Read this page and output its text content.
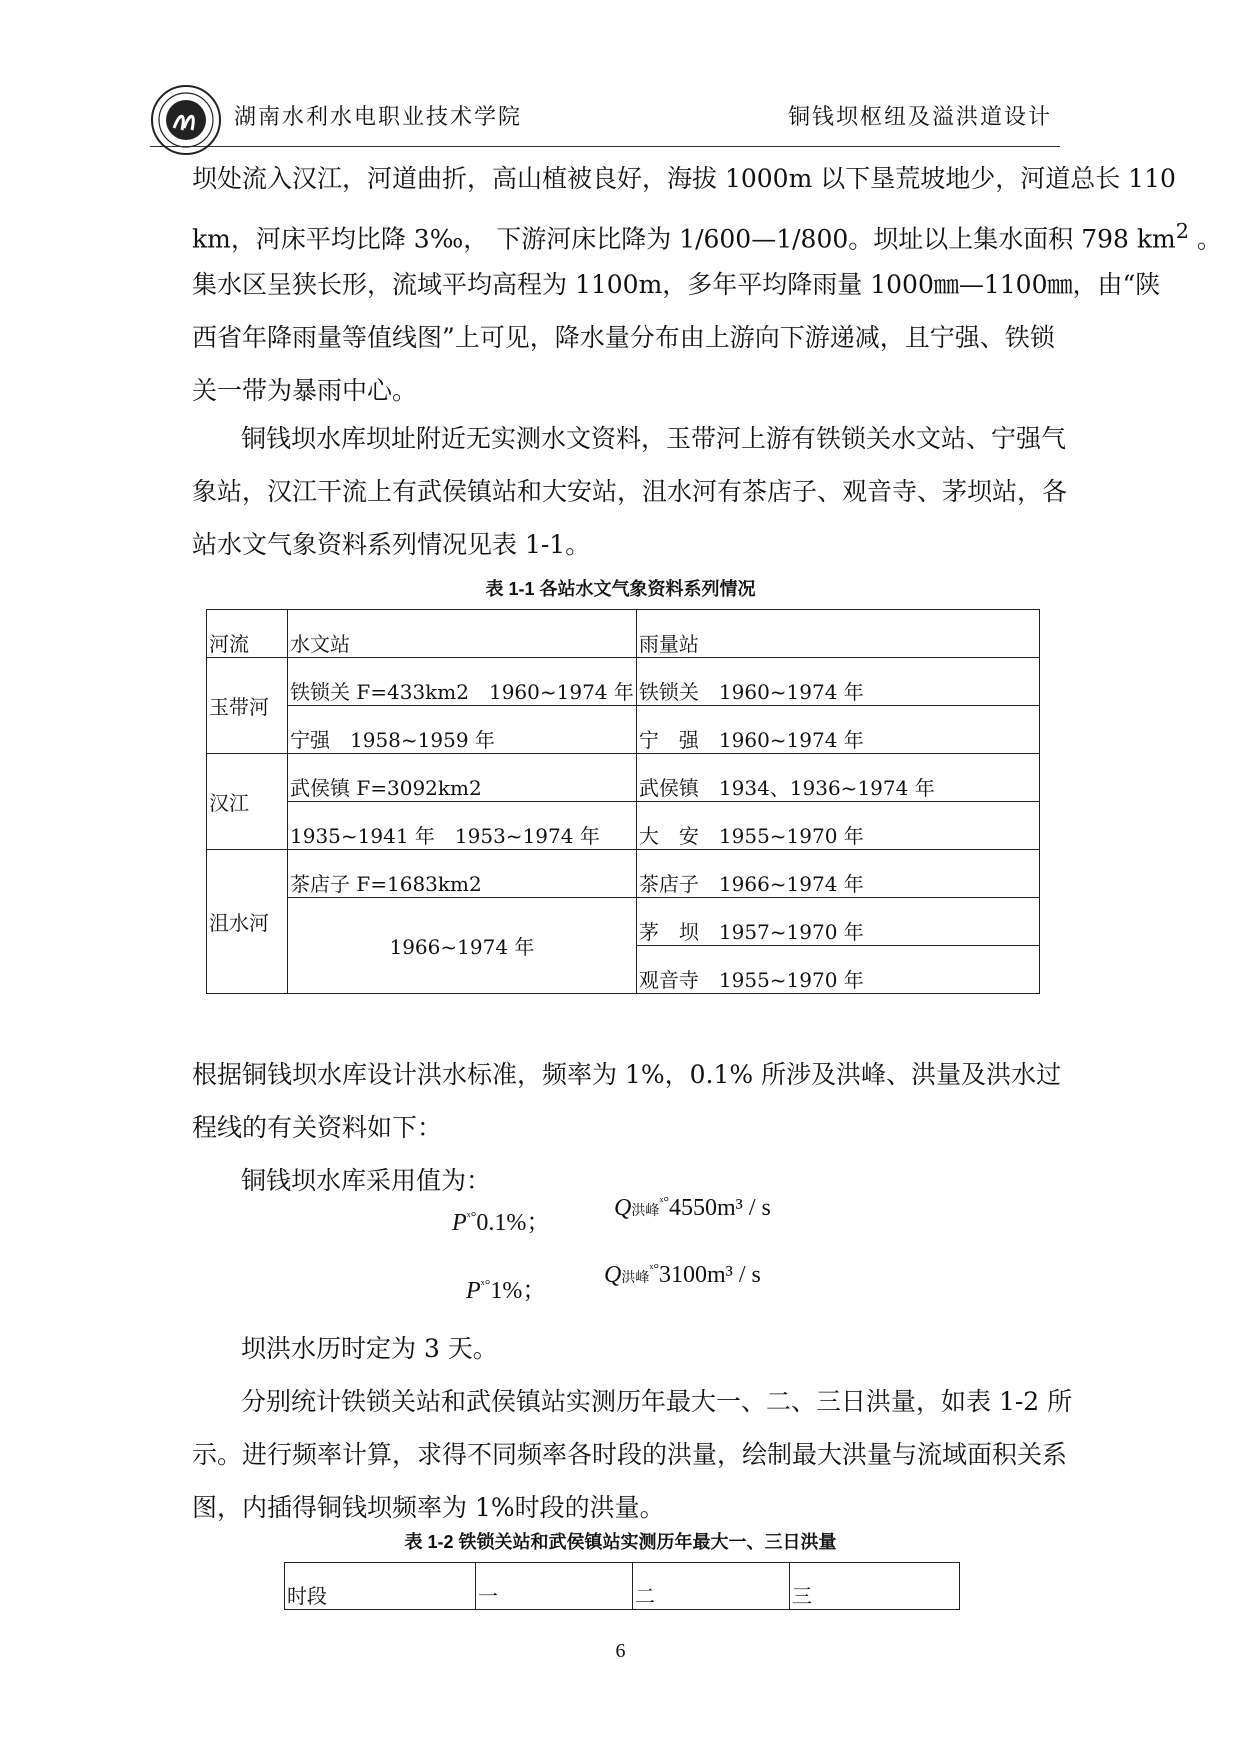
湖南水利水电职业技术学院	铜钱坝枢纽及溢洪道设计
坝处流入汉江，河道曲折，高山植被良好，海拔 1000m 以下垦荒坡地少，河道总长 110
km，河床平均比降 3‰， 下游河床比降为 1/600—1/800。坝址以上集水面积 798 $km^2$ 。
集水区呈狭长形，流域平均高程为 1100m，多年平均降雨量 1000㎜—1100㎜，由“陕
西省年降雨量等值线图”上可见，降水量分布由上游向下游递减，且宁强、铁锁
关一带为暴雨中心。
铜钱坝水库坝址附近无实测水文资料，玉带河上游有铁锁关水文站、宁强气
象站，汉江干流上有武侯镇站和大安站，沮水河有茶店子、观音寺、茅坝站，各
站水文气象资料系列情况见表 1-1。
表 1-1 各站水文气象资料系列情况
河流	水文站	雨量站
玉带河	铁锁关 F=433km2　1960~1974 年	铁锁关　1960~1974 年
	宁强　1958~1959 年	宁　强　1960~1974 年
汉江	武侯镇 F=3092km2	武侯镇　1934、1936~1974 年
	1935~1941 年　1953~1974 年	大　安　1955~1970 年
沮水河	茶店子 F=1683km2	茶店子　1966~1974 年
	1966~1974 年	茅　坝　1957~1970 年
		观音寺　1955~1970 年
根据铜钱坝水库设计洪水标准，频率为 1%，0.1% 所涉及洪峰、洪量及洪水过
程线的有关资料如下：
铜钱坝水库采用值为：
$P^{ˣ^\circ}0.1\%$；
Q洪峰$^{ˣ^\circ}$4550m³ / s
$P^{ˣ^\circ}1\%$；
Q洪峰$^{ˣ^\circ}$3100m³ / s
坝洪水历时定为 3 天。
分别统计铁锁关站和武侯镇站实测历年最大一、二、三日洪量，如表 1-2 所
示。进行频率计算，求得不同频率各时段的洪量，绘制最大洪量与流域面积关系
图，内插得铜钱坝频率为 1%时段的洪量。
表 1-2 铁锁关站和武侯镇站实测历年最大一、三日洪量
时段	一	二	三
6
